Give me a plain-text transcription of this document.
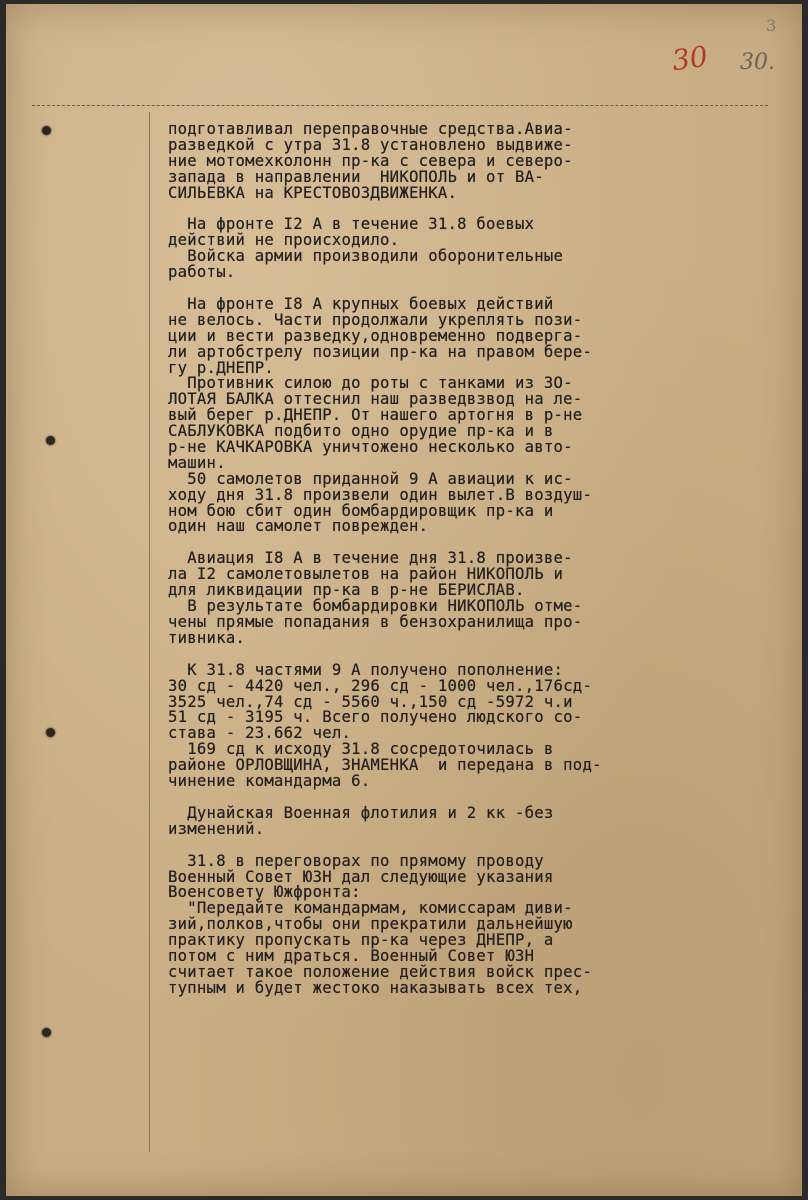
3
30 30.
подготавливал переправочные средства.Авиа-
разведкой с утра 31.8 установлено выдвиже-
ние мотомехколонн пр-ка с севера и северо-
запада в направлении  НИКОПОЛЬ и от ВА-
СИЛЬЕВКА на КРЕСТОВОЗДВИЖЕНКА.
На фронте I2 А в течение 31.8 боевых
действий не происходило.
Войска армии производили оборонительные
работы.
На фронте I8 А крупных боевых действий
не велось. Части продолжали укреплять пози-
ции и вести разведку,одновременно подверга-
ли артобстрелу позиции пр-ка на правом бере-
гу р.ДНЕПР.
Противник силою до роты с танками из 3О-
ЛОТАЯ БАЛКА оттеснил наш разведвзвод на ле-
вый берег р.ДНЕПР. От нашего артогня в р-не
САБЛУКОВКА подбито одно орудие пр-ка и в
р-не КАЧКАРОВКА уничтожено несколько авто-
машин.
50 самолетов приданной 9 А авиации к ис-
ходу дня 31.8 произвели один вылет.В воздуш-
ном бою сбит один бомбардировщик пр-ка и
один наш самолет поврежден.
Авиация I8 А в течение дня 31.8 произве-
ла I2 самолетовылетов на район НИКОПОЛЬ и
для ликвидации пр-ка в р-не БЕРИСЛАВ.
В результате бомбардировки НИКОПОЛЬ отме-
чены прямые попадания в бензохранилища про-
тивника.
К 31.8 частями 9 А получено пополнение:
30 сд - 4420 чел., 296 сд - 1000 чел.,176сд-
3525 чел.,74 сд - 5560 ч.,150 сд -5972 ч.и
51 сд - 3195 ч. Всего получено людского со-
става - 23.662 чел.
169 сд к исходу 31.8 сосредоточилась в
районе ОРЛОВЩИНА, ЗНАМЕНКА  и передана в под-
чинение командарма 6.
Дунайская Военная флотилия и 2 кк -без
изменений.
31.8 в переговорах по прямому проводу
Военный Совет ЮЗН дал следующие указания
Военсовету Южфронта:
"Передайте командармам, комиссарам диви-
зий,полков,чтобы они прекратили дальнейшую
практику пропускать пр-ка через ДНЕПР, а
потом с ним драться. Военный Совет ЮЗН
считает такое положение действия войск прес-
тупным и будет жестоко наказывать всех тех,
